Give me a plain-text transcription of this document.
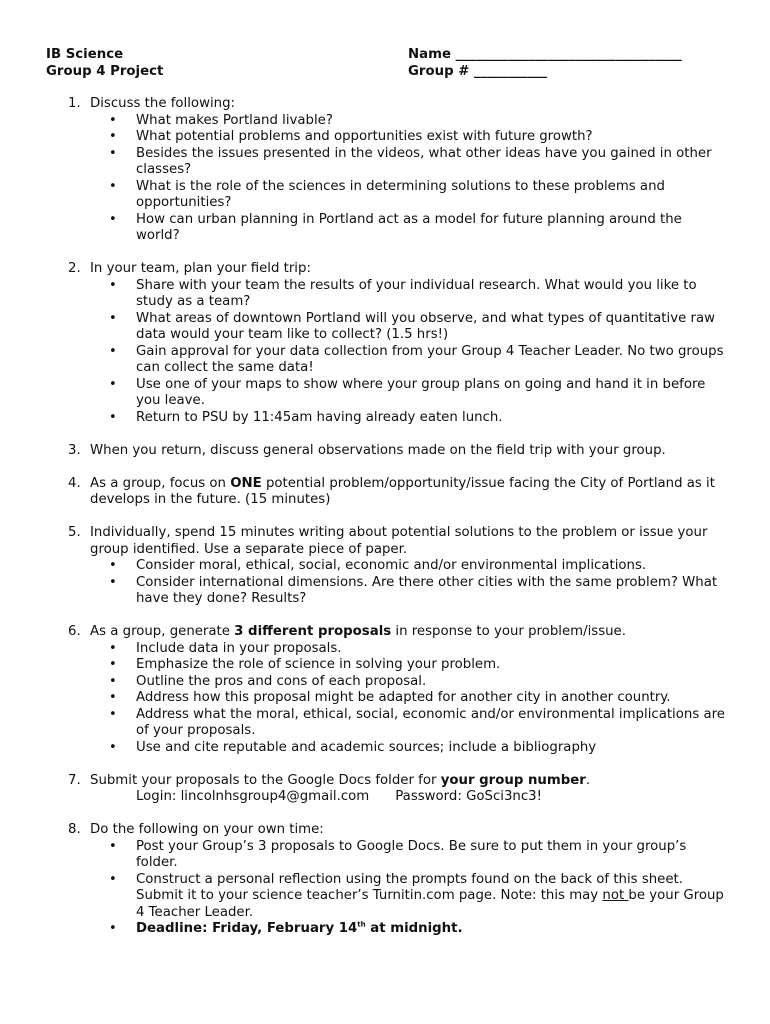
IB Science
Group 4 Project
Name __________________________________
Group # ___________
1. Discuss the following:
• What makes Portland livable?
• What potential problems and opportunities exist with future growth?
• Besides the issues presented in the videos, what other ideas have you gained in other classes?
• What is the role of the sciences in determining solutions to these problems and opportunities?
• How can urban planning in Portland act as a model for future planning around the world?
2. In your team, plan your field trip:
• Share with your team the results of your individual research. What would you like to study as a team?
• What areas of downtown Portland will you observe, and what types of quantitative raw data would your team like to collect? (1.5 hrs!)
• Gain approval for your data collection from your Group 4 Teacher Leader. No two groups can collect the same data!
• Use one of your maps to show where your group plans on going and hand it in before you leave.
• Return to PSU by 11:45am having already eaten lunch.
3. When you return, discuss general observations made on the field trip with your group.
4. As a group, focus on ONE potential problem/opportunity/issue facing the City of Portland as it develops in the future. (15 minutes)
5. Individually, spend 15 minutes writing about potential solutions to the problem or issue your group identified. Use a separate piece of paper.
• Consider moral, ethical, social, economic and/or environmental implications.
• Consider international dimensions. Are there other cities with the same problem? What have they done? Results?
6. As a group, generate 3 different proposals in response to your problem/issue.
• Include data in your proposals.
• Emphasize the role of science in solving your problem.
• Outline the pros and cons of each proposal.
• Address how this proposal might be adapted for another city in another country.
• Address what the moral, ethical, social, economic and/or environmental implications are of your proposals.
• Use and cite reputable and academic sources; include a bibliography
7. Submit your proposals to the Google Docs folder for your group number.
Login: lincolnhsgroup4@gmail.com Password: GoSci3nc3!
8. Do the following on your own time:
• Post your Group’s 3 proposals to Google Docs. Be sure to put them in your group’s folder.
• Construct a personal reflection using the prompts found on the back of this sheet. Submit it to your science teacher’s Turnitin.com page. Note: this may not be your Group 4 Teacher Leader.
• Deadline: Friday, February 14th at midnight.
